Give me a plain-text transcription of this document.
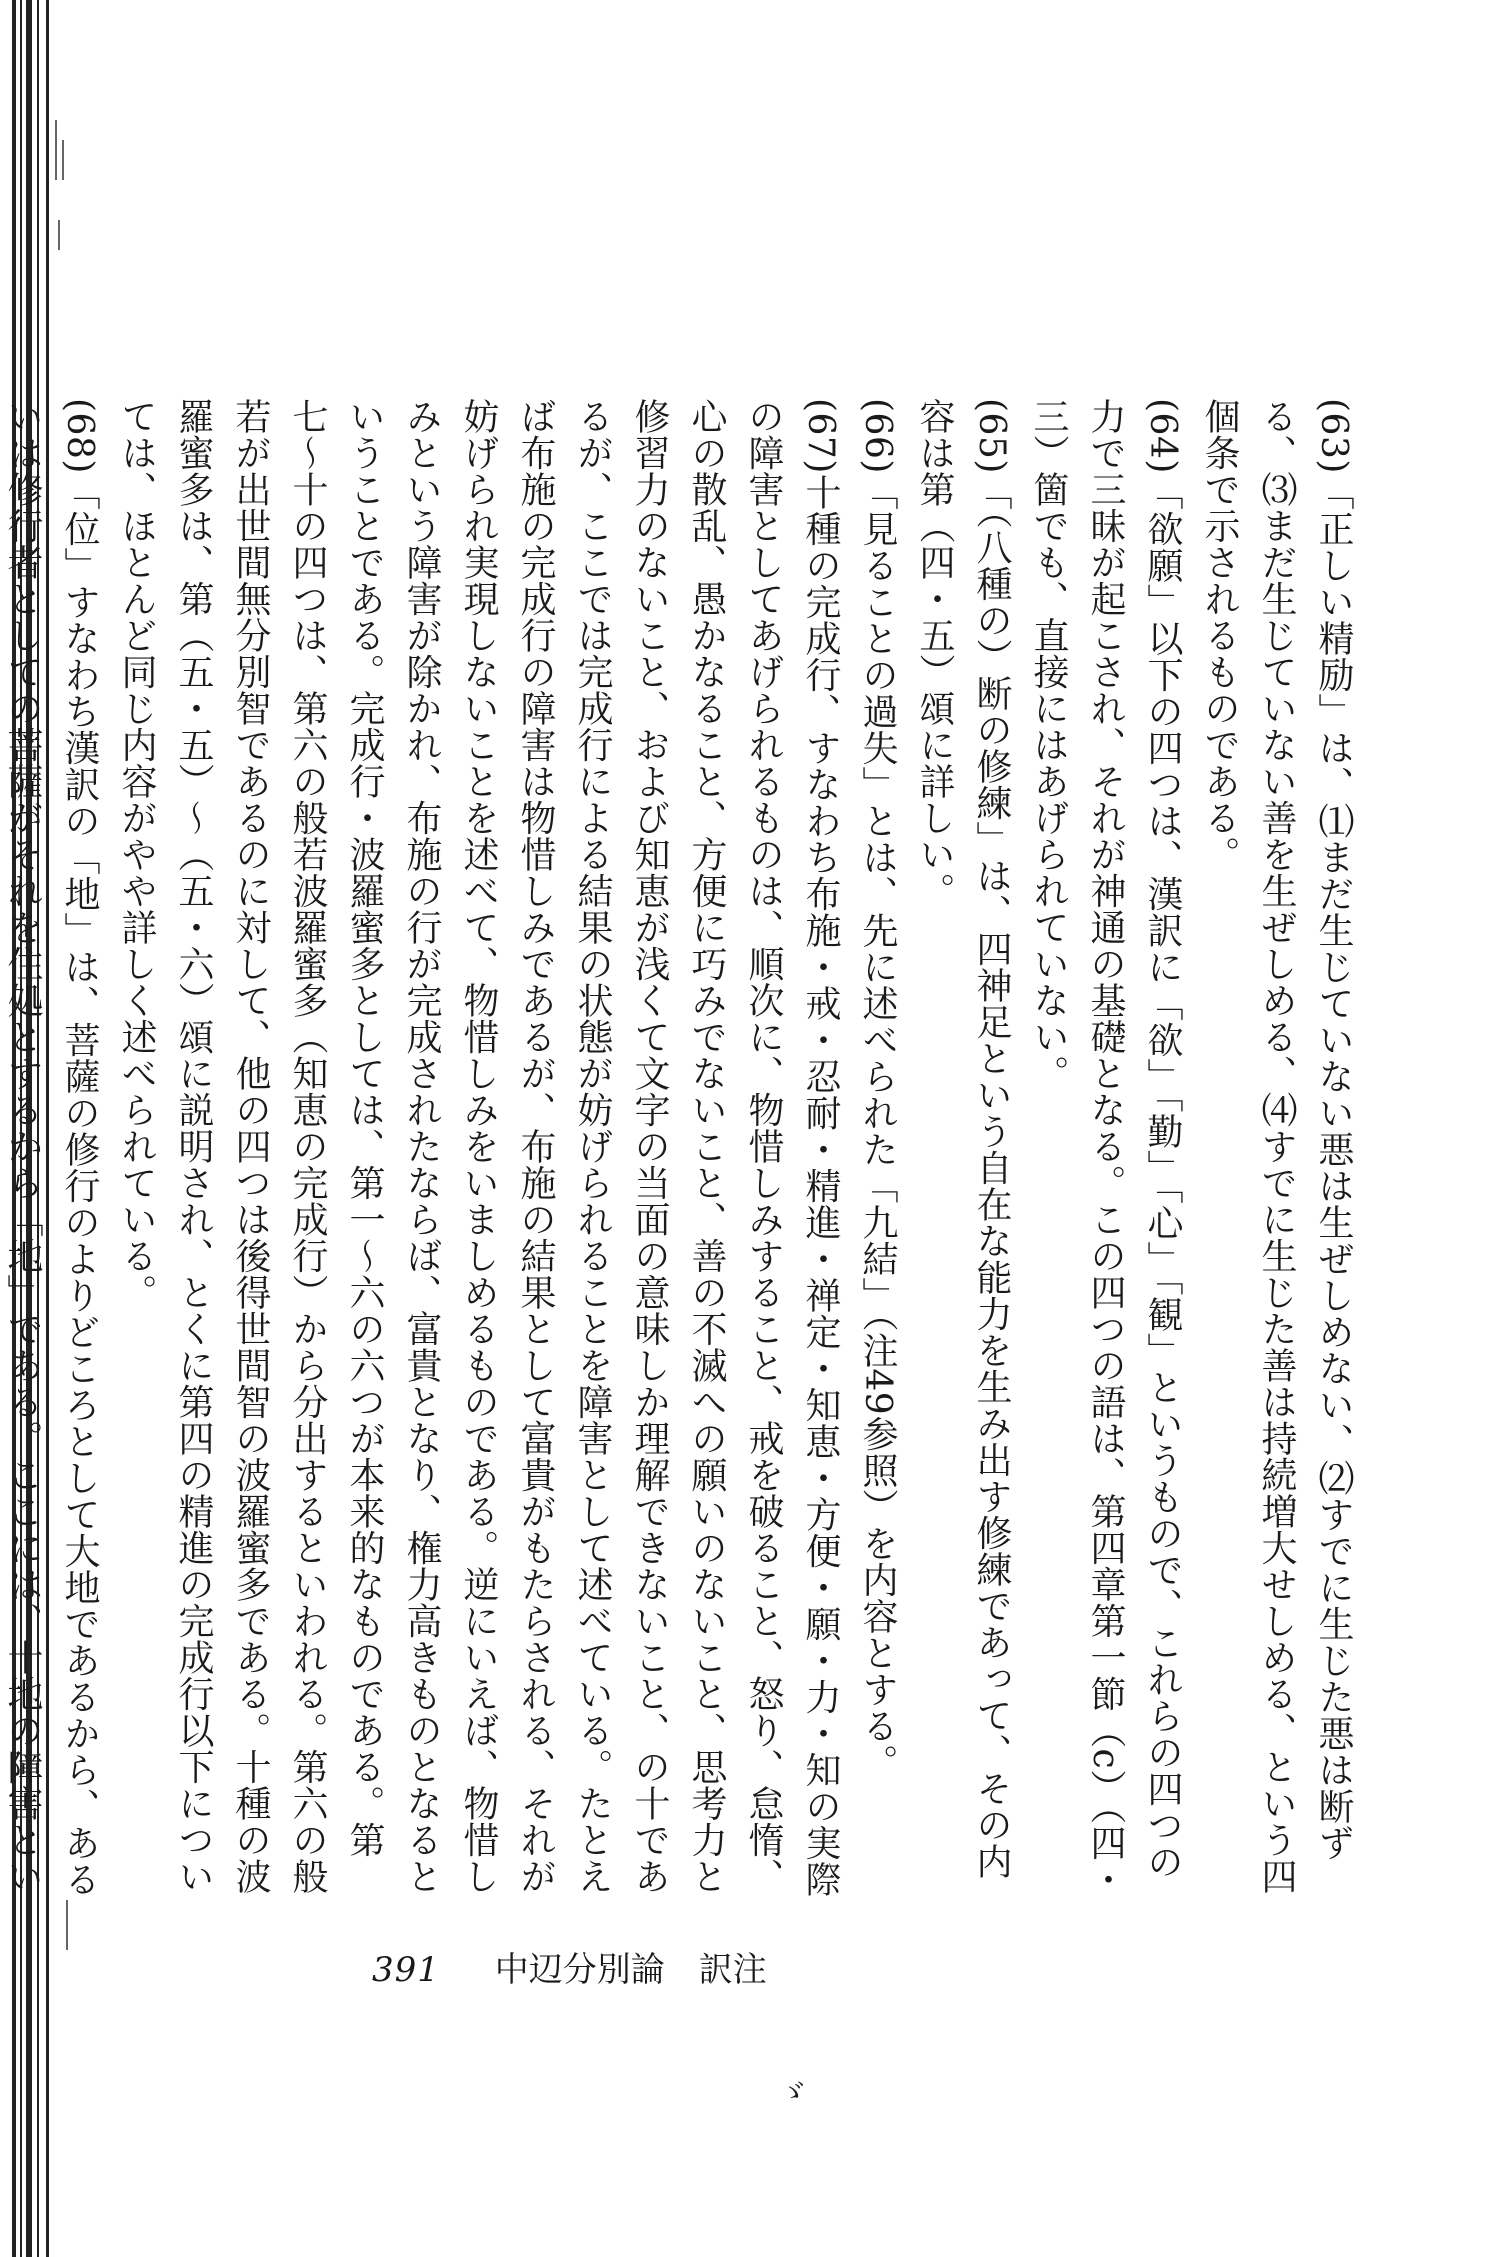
(63)「正しい精励」は、⑴まだ生じていない悪は生ぜしめない、⑵すでに生じた悪は断ずる、⑶まだ生じていない善を生ぜしめる、⑷すでに生じた善は持続増大せしめる、という四個条で示されるものである。

(64)「欲願」以下の四つは、漢訳に「欲」「勤」「心」「観」というもので、これらの四つの力で三昧が起こされ、それが神通の基礎となる。この四つの語は、第四章第一節（c）（四・三）箇でも、直接にはあげられていない。

(65)「（八種の）断の修練」は、四神足という自在な能力を生み出す修練であって、その内容は第（四・五）頌に詳しい。

(66)「見ることの過失」とは、先に述べられた「九結」（注49参照）を内容とする。

(67)十種の完成行、すなわち布施・戒・忍耐・精進・禅定・知恵・方便・願・力・知の実際の障害としてあげられるものは、順次に、物惜しみすること、戒を破ること、怒り、怠惰、心の散乱、愚かなること、方便に巧みでないこと、善の不滅への願いのないこと、思考力と修習力のないこと、および知恵が浅くて文字の当面の意味しか理解できないこと、の十であるが、ここでは完成行による結果の状態が妨げられることを障害として述べている。たとえば布施の完成行の障害は物惜しみであるが、布施の結果として富貴がもたらされる、それが妨げられ実現しないことを述べて、物惜しみをいましめるものである。逆にいえば、物惜しみという障害が除かれ、布施の行が完成されたならば、富貴となり、権力高きものとなるということである。完成行・波羅蜜多としては、第一〜六の六つが本来的なものである。第七〜十の四つは、第六の般若波羅蜜多（知恵の完成行）から分出するといわれる。第六の般若が出世間無分別智であるのに対して、他の四つは後得世間智の波羅蜜多である。十種の波羅蜜多は、第（五・五）〜（五・六）頌に説明され、とくに第四の精進の完成行以下については、ほとんど同じ内容がやや詳しく述べられている。

(68)「位」すなわち漢訳の「地」は、菩薩の修行のよりどころとして大地であるから、あるいは修行者としての菩薩がそれを住処とするから「地」である。ここには、十地の障害とい

391 中辺分別論　訳注
ゞ
